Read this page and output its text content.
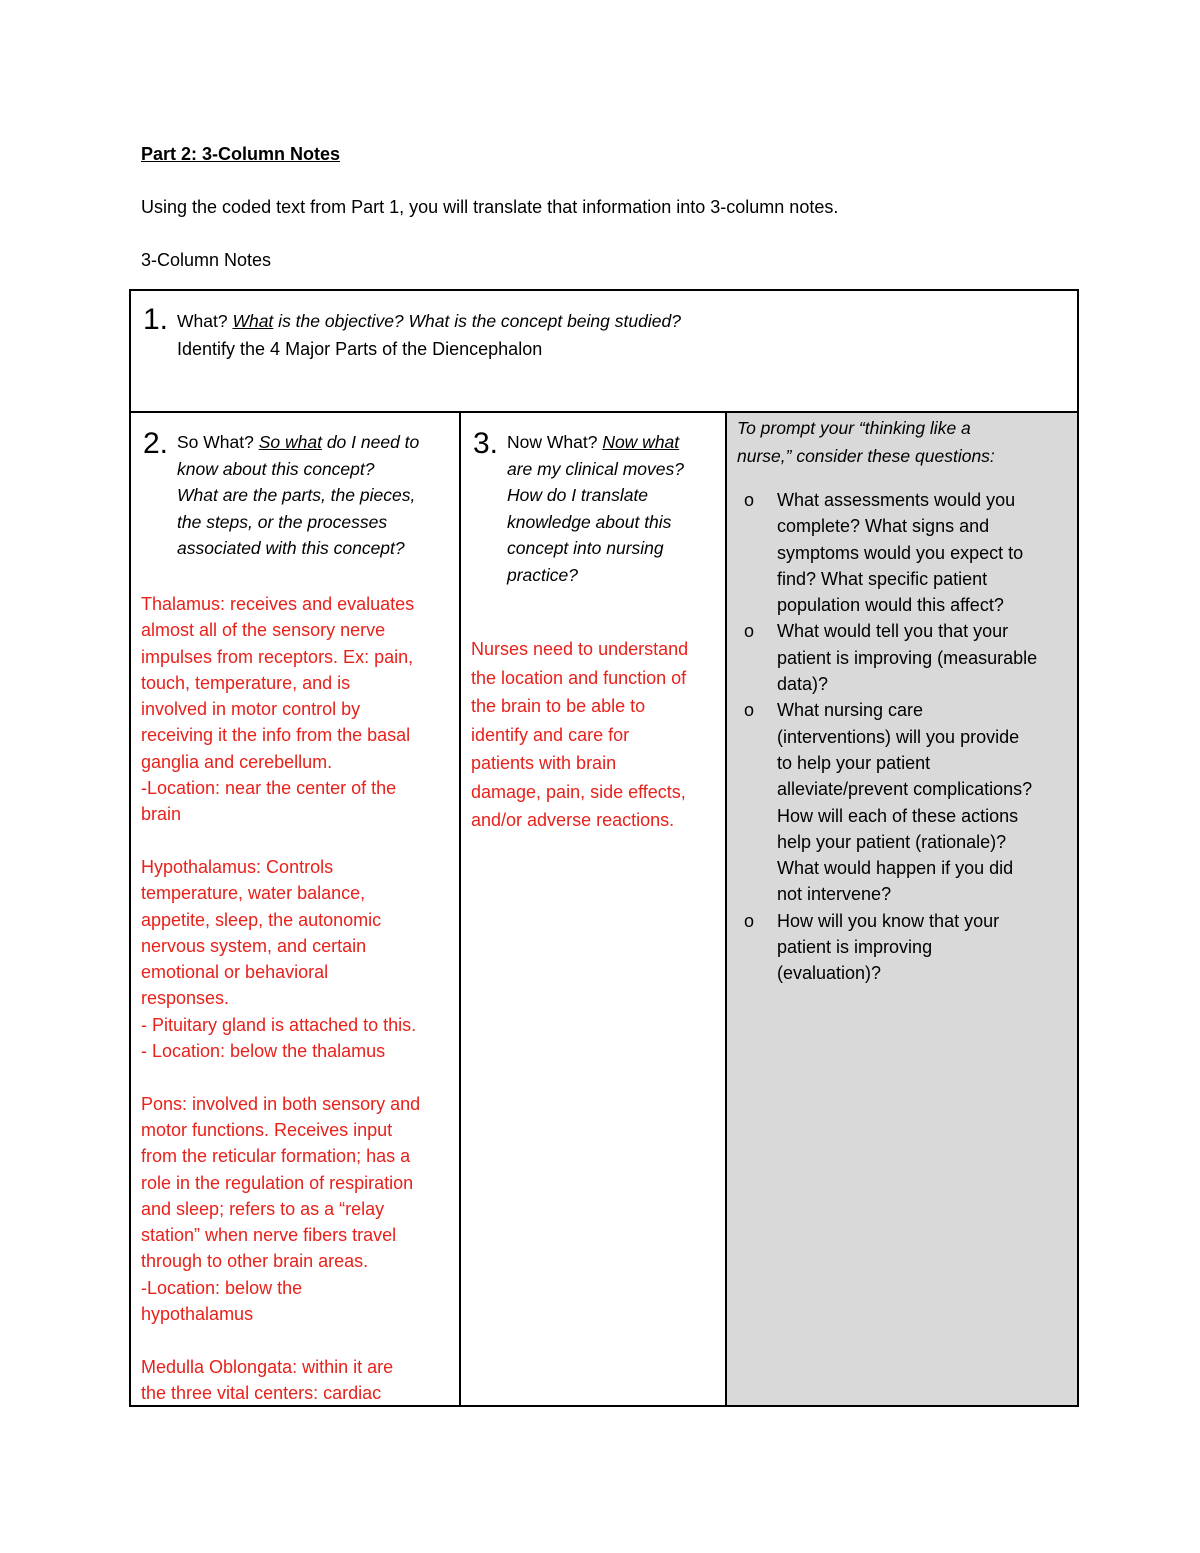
Part 2: 3-Column Notes
Using the coded text from Part 1, you will translate that information into 3-column notes.
3-Column Notes
1. What? What is the objective? What is the concept being studied?
Identify the 4 Major Parts of the Diencephalon
2. So What? So what do I need to
know about this concept?
What are the parts, the pieces,
the steps, or the processes
associated with this concept?

Thalamus: receives and evaluates

almost all of the sensory nerve

impulses from receptors. Ex: pain,

touch, temperature, and is

involved in motor control by

receiving it the info from the basal

ganglia and cerebellum.

-Location: near the center of the

brain

Hypothalamus: Controls

temperature, water balance,

appetite, sleep, the autonomic

nervous system, and certain

emotional or behavioral

responses.

- Pituitary gland is attached to this.

- Location: below the thalamus

Pons: involved in both sensory and

motor functions. Receives input

from the reticular formation; has a

role in the regulation of respiration

and sleep; refers to as a “relay

station” when nerve fibers travel

through to other brain areas.

-Location: below the

hypothalamus

Medulla Oblongata: within it are

the three vital centers: cardiac

3. Now What? Now what
are my clinical moves?
How do I translate
knowledge about this
concept into nursing
practice?

Nurses need to understand

the location and function of

the brain to be able to

identify and care for

patients with brain

damage, pain, side effects,

and/or adverse reactions.

To prompt your “thinking like a
nurse,” consider these questions:
o What assessments would you
complete? What signs and
symptoms would you expect to
find? What specific patient
population would this affect?
o What would tell you that your
patient is improving (measurable
data)?
o What nursing care
(interventions) will you provide
to help your patient
alleviate/prevent complications?
How will each of these actions
help your patient (rationale)?
What would happen if you did
not intervene?
o How will you know that your
patient is improving
(evaluation)?
